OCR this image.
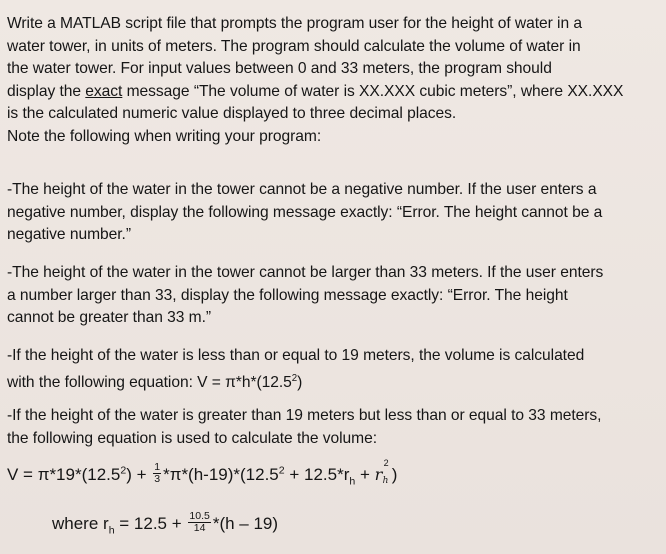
Write a MATLAB script file that prompts the program user for the height of water in a
water tower, in units of meters. The program should calculate the volume of water in
the water tower. For input values between 0 and 33 meters, the program should
display the exact message “The volume of water is XX.XXX cubic meters”, where XX.XXX
is the calculated numeric value displayed to three decimal places.
Note the following when writing your program:
-The height of the water in the tower cannot be a negative number. If the user enters a
negative number, display the following message exactly: “Error. The height cannot be a
negative number.”
-The height of the water in the tower cannot be larger than 33 meters. If the user enters
a number larger than 33, display the following message exactly: “Error. The height
cannot be greater than 33 m.”
-If the height of the water is less than or equal to 19 meters, the volume is calculated
with the following equation: $V = \pi*h*(12.5^2)$
-If the height of the water is greater than 19 meters but less than or equal to 33 meters,
the following equation is used to calculate the volume:
$V = \pi*19*(12.5^2) + \frac{1}{3} *\pi*(h-19)*(12.5^2 + 12.5*r_h + r$
2
h )
where $r_h = 12.5 + \frac{10.5}{14} *(h - 19)$
